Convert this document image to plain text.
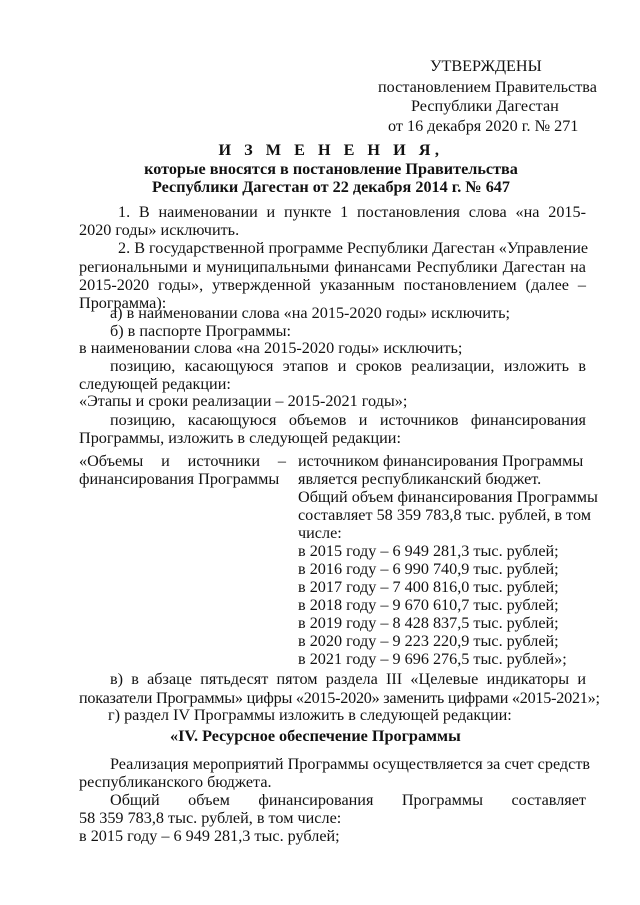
УТВЕРЖДЕНЫ
постановлением Правительства
Республики Дагестан
от 16 декабря 2020 г. № 271
И З М Е Н Е Н И Я,
которые вносятся в постановление Правительства
Республики Дагестан от 22 декабря 2014 г. № 647
1. В наименовании и пункте 1 постановления слова «на 2015-
2020 годы» исключить.
2. В государственной программе Республики Дагестан «Управление
региональными и муниципальными финансами Республики Дагестан на
2015-2020 годы», утвержденной указанным постановлением (далее –
Программа):
а) в наименовании слова «на 2015-2020 годы» исключить;
б) в паспорте Программы:
в наименовании слова «на 2015-2020 годы» исключить;
позицию, касающуюся этапов и сроков реализации, изложить в
следующей редакции:
«Этапы и сроки реализации – 2015-2021 годы»;
позицию, касающуюся объемов и источников финансирования
Программы, изложить в следующей редакции:
«Объемы и источники –
финансирования Программы
источником финансирования Программы
является республиканский бюджет.
Общий объем финансирования Программы
составляет 58 359 783,8 тыс. рублей, в том
числе:
в 2015 году – 6 949 281,3 тыс. рублей;
в 2016 году – 6 990 740,9 тыс. рублей;
в 2017 году – 7 400 816,0 тыс. рублей;
в 2018 году – 9 670 610,7 тыс. рублей;
в 2019 году – 8 428 837,5 тыс. рублей;
в 2020 году – 9 223 220,9 тыс. рублей;
в 2021 году – 9 696 276,5 тыс. рублей»;
в) в абзаце пятьдесят пятом раздела III «Целевые индикаторы и
показатели Программы» цифры «2015-2020» заменить цифрами «2015-2021»;
г) раздел IV Программы изложить в следующей редакции:
«IV. Ресурсное обеспечение Программы
Реализация мероприятий Программы осуществляется за счет средств
республиканского бюджета.
Общий объем финансирования Программы составляет
58 359 783,8 тыс. рублей, в том числе:
в 2015 году – 6 949 281,3 тыс. рублей;
